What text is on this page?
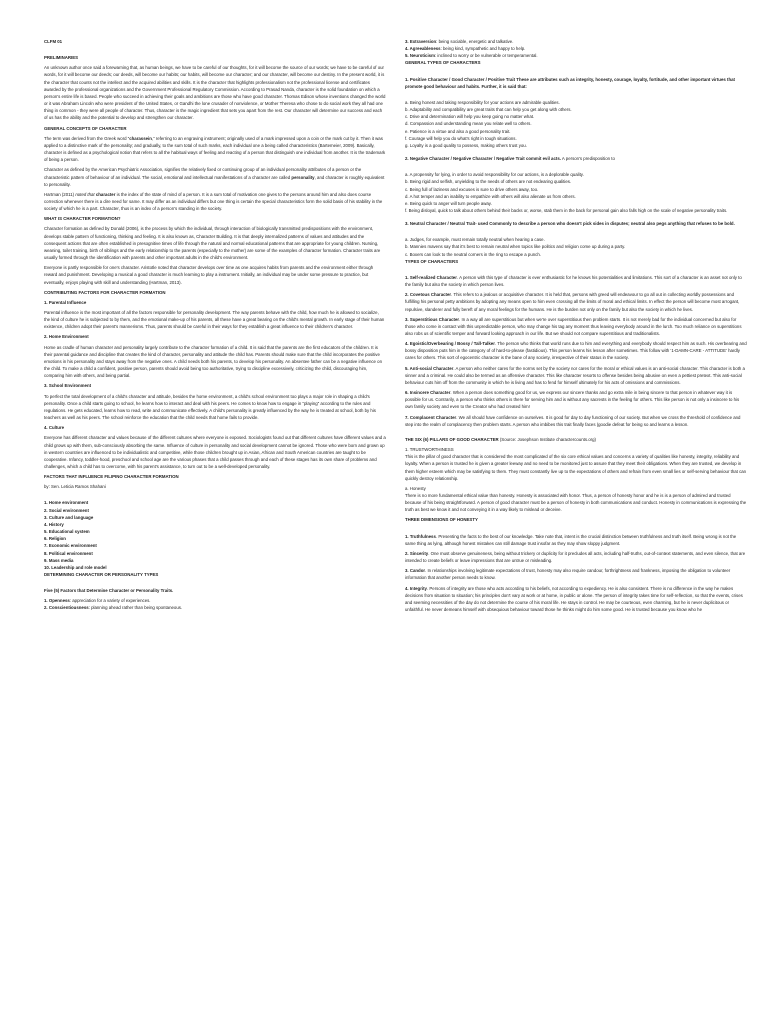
CLFM 01

PRELIMINARIES

An unknown author once said a forewarning that, as human beings, we have to be careful of our thoughts, for it will become the source of our words; we have to be careful of our words, for it will become our deeds; our deeds, will become our habits; our habits, will become our character; and our character, will become our destiny. In the present world, it is the character that counts not the intellect and the acquired abilities and skills. It is the character that highlights professionalism not the professional license and certificates awarded by the professional organizations and the Government Professional Regulatory Commission. According to Prasad Nanda, character is the solid foundation on which a person's entire life is based. People who succeed in achieving their goals and ambitions are those who have good character. Thomas Edison whose inventions changed the world or it was Abraham Lincoln who were president of the United States, or Gandhi the lone crusader of nonviolence, or Mother Theresa who chose to do social work they all had one thing in common - they were all people of character. Thus, character is the magic ingredient that sets you apart from the rest. Our character will determine our success and each of us has the ability and the potential to develop and strengthen our character.

GENERAL CONCEPTS OF CHARACTER

The term was derived from the Greek word “charassein,” referring to an engraving instrument; originally used of a mark impressed upon a coin or the mark cut by it. Then it was applied to a distinctive mark of the personality; and gradually, to the sum total of such marks, each individual one a being called characteristics (Bartemeier, 2009). Basically, character is defined as a psychological notion that refers to all the habitual ways of feeling and reacting of a person that distinguish one individual from another. It is the trademark of being a person.

Character as defined by the American Psychiatric Association, signifies the relatively fixed or continuing group of an individual personality attributes of a person or the characteristic pattern of behaviour of an individual. The social, emotional and intellectual manifestations of a character are called personality, and character is roughly equivalent to personality.

Hartman (2011) noted that character is the index of the state of mind of a person. It is a sum total of motivation one gives to the persons around him and also does course correction whenever there is a dire need for same. It may differ as an individual differs but one thing is certain the special characteristics form the solid basis of his stability in the society of which he is a part. Character, thus is an index of a person's standing in the society.

WHAT IS CHARACTER FORMATION?

Character formation as defined by Donald (2006), is the process by which the individual, through interaction of biologically transmitted predispositions with the environment, develops stable pattern of functioning, thinking and feeling. It is also known as, Character Building. It is that deeply internalized patterns of values and attitudes and the consequent actions that are often established in presognitive times of life through the natural and normal educational patterns that are appropriate for young children. Nursing, weaning, toilet training, birth of siblings and the early relationship to the parents (especially to the mother) are some of the examples of character formation. Character traits are usually formed through the identification with parents and other important adults in the child's environment.

Everyone is partly responsible for one's character. Aristotle noted that character develops over time as one acquires habits from parents and the environment either through reward and punishment. Developing a musical a good character is much learning to play a instrument. Initially, an individual may be under some pressure to practice, but eventually, enjoys playing with skill and understanding (Hartman, 2013).

CONTRIBUTING FACTORS FOR CHARACTER FORMATION

1. Parental Influence

Parental influence is the most important of all the factors responsible for personality development. The way parents behave with the child, how much he is allowed to socialize, the kind of culture he is subjected to by them, and the emotional make-up of his parents, all these have a great bearing on the child's mental growth. In early stage of their human existence, children adopt their parent's mannerisms. Thus, parents should be careful in their ways for they establish a great influence to their children's character.

2. Home Environment

Home as cradle of human character and personality largely contribute to the character formation of a child. It is said that the parents are the first educators of the children. It is their parental guidance and discipline that creates the kind of character, personality and attitude the child has. Parents should make sure that the child incorporates the positive emotions in his personality and stays away from the negative ones. A child needs both his parents, to develop his personality. An absentee father can be a negative influence on the child. To make a child a confident, positive person, parents should avoid being too authoritative, trying to discipline excessively, criticizing the child, discouraging him, comparing him with others, and being partial.

3. School Environment

To perfect the total development of a child's character and attitude, besides the home environment, a child's school environment too plays a major role in shaping a child's personality. Once a child starts going to school, he learns how to interact and deal with his peers. He comes to know how to engage in “playing” according to the rules and regulations. He gets educated, learns how to read, write and communicate effectively. A child's personality is greatly influenced by the way he is treated at school, both by his teachers as well as his peers. The school reinforce the education that the child needs that home fails to provide.

4. Culture

Everyone has different character and values because of the different cultures where everyone is exposed. Sociologists found out that different cultures have different values and a child grows up with them, sub-consciously absorbing the same. Influence of culture in personality and social development cannot be ignored. Those who were born and grown up in western countries are influenced to be individualistic and competitive, while those children brought up in Asian, African and South American countries are taught to be cooperative. Infancy, toddler-hood, preschool and school age are the various phases that a child passes through and each of these stages has its own share of problems and challenges, which a child has to overcome, with his parent's assistance, to turn out to be a well-developed personality.

FACTORS THAT INFLUENCE FILIPINO CHARACTER FORMATION

by: Sen. Leticia Ramos Shahani

1. Home environment
2. Social environment
3. Culture and language
4. History
5. Educational system
6. Religion
7. Economic environment
8. Political environment
9. Mass media
10. Leadership and role model

DETERMINING CHARACTER OR PERSONALITY TYPES

Five (5) Factors that Determine Character or Personality Traits.

1. Openness: appreciation for a variety of experiences.

2. Conscientiousness: planning ahead rather than being spontaneous.

3. Extraversion: being sociable, energetic and talkative.

4. Agreeableness: being kind, sympathetic and happy to help.

5. Neuroticism: inclined to worry or be vulnerable or temperamental.

GENERAL TYPES OF CHARACTERS

1. Positive Character / Good Character / Positive Trait These are attributes such as integrity, honesty, courage, loyalty, fortitude, and other important virtues that promote good behaviour and habits. Further, it is said that:

a. Being honest and taking responsibility for your actions are admirable qualities.
b. Adaptability and compatibility are great traits that can help you get along with others.
c. Drive and determination will help you keep going no matter what.
d. Compassion and understanding mean you relate well to others.
e. Patience is a virtue and also a good personality trait.
f. Courage will help you do what's right in tough situations.
g. Loyalty is a good quality to possess, making others trust you.

2. Negative Character / Negative Character / Negative Trait commit evil acts. A person's predisposition to

a. A propensity for lying, in order to avoid responsibility for our actions, is a deplorable quality.
b. Being rigid and selfish, unyielding to the needs of others are not endearing qualities.
c. Being full of laziness and excuses is sure to drive others away, too.
d. A hot temper and an inability to empathize with others will also alienate us from others.
e. Being quick to anger will turn people away.
f. Being disloyal, quick to talk about others behind their backs or, worse, stab them in the back for personal gain also falls high on the scale of negative personality traits.

3. Neutral Character / Neutral Trait- used Commonly to describe a person who doesn't pick sides in disputes; neutral also pegs anything that refuses to be bold.

a. Judges, for example, must remain totally neutral when hearing a case.
b. Mannies mavens say that it's best to remain neutral when topics like politics and religion come up during a party.
c. Boxers can look to the neutral corners in the ring to escape a punch.

TYPES OF CHARACTERS

1. Self-realized Character. A person with this type of character is ever enthusiastic for he knows his potentialities and limitations. This sort of a character is an asset not only to the family but also the society in which person lives.

2. Covetous Character. This refers to a jealous or acquisitive character. It is held that, persons with greed will endeavour to go all out in collecting worldly possessions and fulfilling his personal petty ambitions by adopting any means open to him even crossing all the limits of moral and ethical limits. In effect the person will become most arrogant, repulsive, slanderer and fully bereft of any moral feelings for the humans. He is the burden not only on the family but also the society in which he lives.

3. Superstitious Character. In a way all are superstitious but when we're over superstitious then problem starts. It is not merely bad for the individual concerned but also for those who come in contact with this unpredictable person, who may change his tag any moment thus leaving everybody around in the lurch. Too much reliance on superstitions also robs us of scientific temper and forward looking approach in our life. But we should not compare superstitious and traditionalists.

4. Egoistic/Overbearing / Bossy / Tall-Talker. The person who thinks that world runs due to him and everything and everybody should respect him as such. His overbearing and bossy disposition puts him in the category of of hard-to-please (fastidious). This person learns his lesson after sometimes. This follow with ‘1-DAMN-CARE - ATTITUDE' hardly cares for others. This sort of egocentric character is the bane of any society, irrespective of their status in the society.

5. Anti-social Character. A person who neither cares for the norms set by the society nor cares for the moral or ethical values is an anti-social character. This character is both a sinner and a criminal. He could also be termed as an offensive character. This like character resorts to offense besides being abusive on even a pettiest pretext. This anti-social behaviour cuts him off from the community in which he is living and has to fend for himself ultimately for his acts of omissions and commissions.

6. Insincere Character. When a person does something good for us, we express our sincere thanks and go extra mile in being sincere to that person in whatever way it is possible for us. Contrarily, a person who thinks others is there for serving him and is without any sacrests in the feeling for others. This like person is not only a insincere to his own family society and even to the Creator who had created him!

7. Complacent Character. We all should have confidence on ourselves. It is good for day to day functioning of our society. But when we cross the threshold of confidence and step into the realm of complacency then problem starts. A person who imbibes this trait finally faces (goodie defeat for being so and learns a lesson.

THE SIX (6) PILLARS OF GOOD CHARACTER (Source: Josephson Institute characterсounts.org)

1. TRUSTWORTHINESS

This is the pillar of good character that is considered the most complicated of the six core ethical values and concerns a variety of qualities like honesty, integrity, reliability and loyalty. When a person is trusted he is given a greater leeway and no need to be monitored just to assure that they meet their obligations. When they are trusted, we develop in them higher esteem which may be satisfying to them. They must constantly live up to the expectations of others and refrain from even small lies or self-serving behaviour that can quickly destroy relationship.

a. Honesty

There is no more fundamental ethical value than honesty. Honesty is associated with honor. Thus, a person of honesty honor and he is is a person of admired and trusted because of his being straightforward. A person of good character must be a person of honesty in both communications and conduct. Honesty in communications is expressing the truth as best we know it and not conveying it in a way likely to mislead or deceive.

THREE DIMENSIONS OF HONESTY

1. Truthfulness. Presenting the facts to the best of our knowledge. Take note that, intent is the crucial distinction between truthfulness and truth itself. Being wrong is not the same thing as lying, although honest mistakes can still damage trust insofar as they may show sloppy judgment.

2. Sincerity. One must observe genuineness, being without trickery or duplicity for it precludes all acts, including half-truths, out-of-context statements, and even silence, that are intended to create beliefs or leave impressions that are untrue or misleading.

3. Candor. In relationships involving legitimate expectations of trust, honesty may also require candour, forthrightness and frankness, imposing the obligation to volunteer information that another person needs to know.

4. Integrity. Persons of integrity are those who acts according to his beliefs, not according to expediency. He is also consistent. There is no difference in the way he makes decisions from situation to situation; his principles don't vary at work or at home, in public or alone. The person of integrity takes time for self-reflection, so that the events, crises and seeming necessities of the day do not determine the course of his moral life. He stays in control. He may be courteous, even charming, but he is never duplicitous or unfaithful. He never demeans himself with obsequious behaviour toward those he thinks might do him some good. He is trusted because you know who he
